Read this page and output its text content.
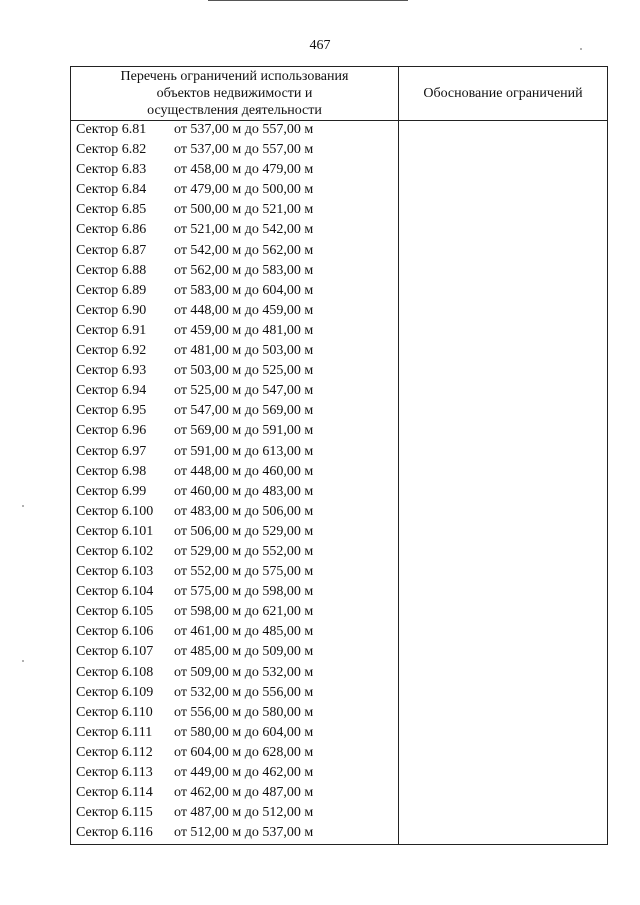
467
Перечень ограничений использования
объектов недвижимости и
осуществления деятельности
Обоснование ограничений
Сектор 6.81 от 537,00 м до 557,00 м
Сектор 6.82 от 537,00 м до 557,00 м
Сектор 6.83 от 458,00 м до 479,00 м
Сектор 6.84 от 479,00 м до 500,00 м
Сектор 6.85 от 500,00 м до 521,00 м
Сектор 6.86 от 521,00 м до 542,00 м
Сектор 6.87 от 542,00 м до 562,00 м
Сектор 6.88 от 562,00 м до 583,00 м
Сектор 6.89 от 583,00 м до 604,00 м
Сектор 6.90 от 448,00 м до 459,00 м
Сектор 6.91 от 459,00 м до 481,00 м
Сектор 6.92 от 481,00 м до 503,00 м
Сектор 6.93 от 503,00 м до 525,00 м
Сектор 6.94 от 525,00 м до 547,00 м
Сектор 6.95 от 547,00 м до 569,00 м
Сектор 6.96 от 569,00 м до 591,00 м
Сектор 6.97 от 591,00 м до 613,00 м
Сектор 6.98 от 448,00 м до 460,00 м
Сектор 6.99 от 460,00 м до 483,00 м
Сектор 6.100 от 483,00 м до 506,00 м
Сектор 6.101 от 506,00 м до 529,00 м
Сектор 6.102 от 529,00 м до 552,00 м
Сектор 6.103 от 552,00 м до 575,00 м
Сектор 6.104 от 575,00 м до 598,00 м
Сектор 6.105 от 598,00 м до 621,00 м
Сектор 6.106 от 461,00 м до 485,00 м
Сектор 6.107 от 485,00 м до 509,00 м
Сектор 6.108 от 509,00 м до 532,00 м
Сектор 6.109 от 532,00 м до 556,00 м
Сектор 6.110 от 556,00 м до 580,00 м
Сектор 6.111 от 580,00 м до 604,00 м
Сектор 6.112 от 604,00 м до 628,00 м
Сектор 6.113 от 449,00 м до 462,00 м
Сектор 6.114 от 462,00 м до 487,00 м
Сектор 6.115 от 487,00 м до 512,00 м
Сектор 6.116 от 512,00 м до 537,00 м
